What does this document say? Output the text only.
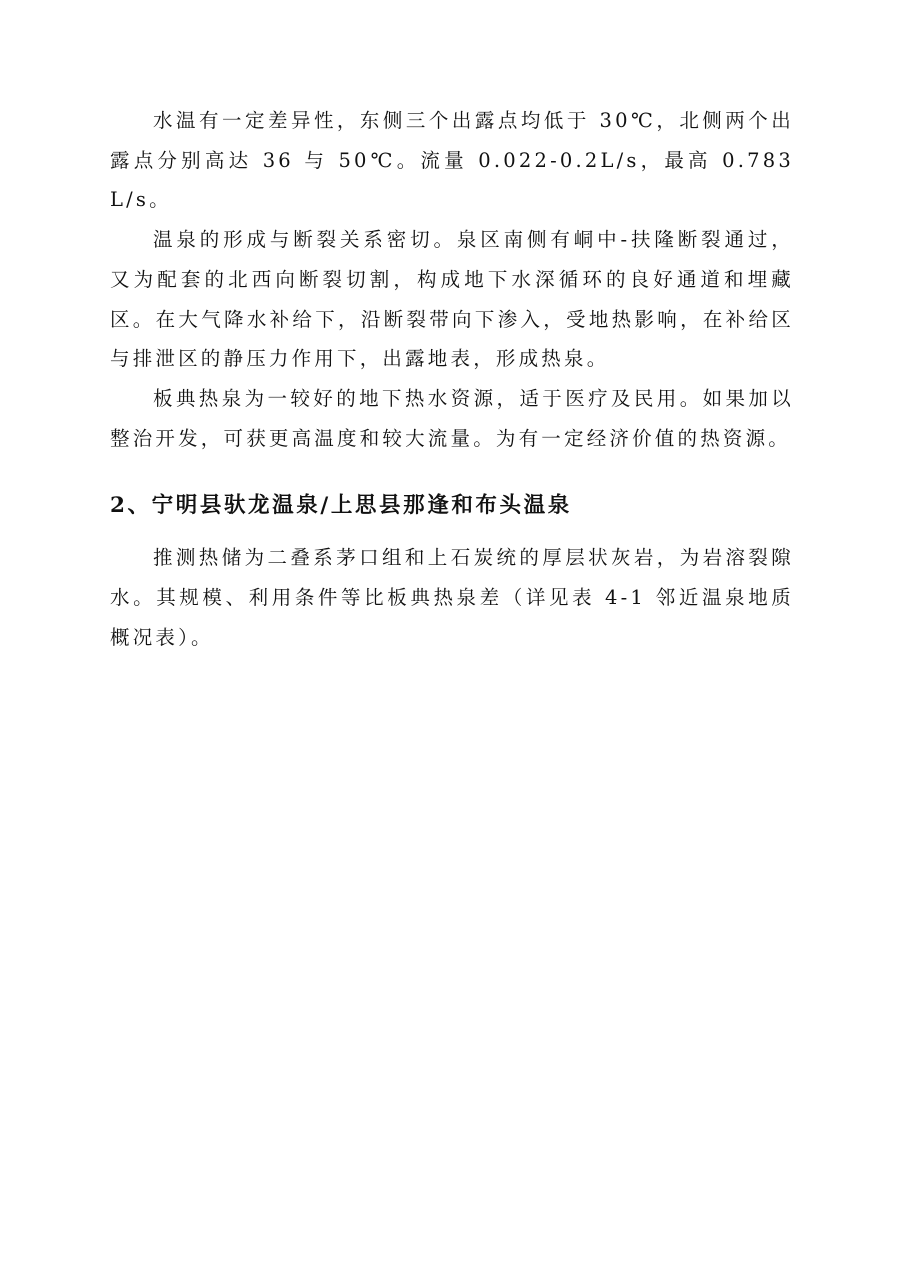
水温有一定差异性，东侧三个出露点均低于 30℃，北侧两个出露点分别高达 36 与 50℃。流量 0.022-0.2L/s，最高 0.783 L/s。

温泉的形成与断裂关系密切。泉区南侧有峒中-扶隆断裂通过，又为配套的北西向断裂切割，构成地下水深循环的良好通道和埋藏区。在大气降水补给下，沿断裂带向下渗入，受地热影响，在补给区与排泄区的静压力作用下，出露地表，形成热泉。

板典热泉为一较好的地下热水资源，适于医疗及民用。如果加以整治开发，可获更高温度和较大流量。为有一定经济价值的热资源。

2、宁明县驮龙温泉/上思县那逢和布头温泉

推测热储为二叠系茅口组和上石炭统的厚层状灰岩，为岩溶裂隙水。其规模、利用条件等比板典热泉差（详见表 4-1 邻近温泉地质概况表）。
